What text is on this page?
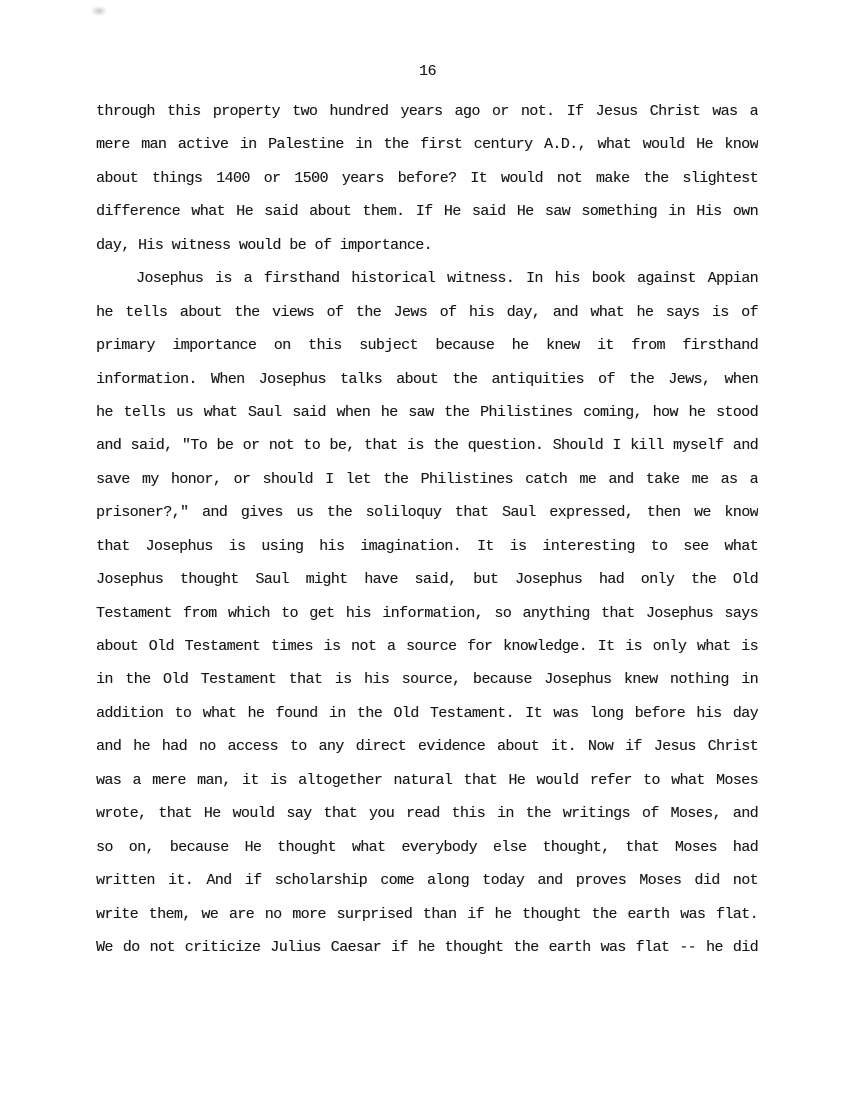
16
through this property two hundred years ago or not. If Jesus Christ was a
mere man active in Palestine in the first century A.D., what would He know
about things 1400 or 1500 years before? It would not make the slightest
difference what He said about them. If He said He saw something in His own
day, His witness would be of importance.
Josephus is a firsthand historical witness. In his book against Appian
he tells about the views of the Jews of his day, and what he says is of
primary importance on this subject because he knew it from firsthand
information. When Josephus talks about the antiquities of the Jews, when
he tells us what Saul said when he saw the Philistines coming, how he stood
and said, "To be or not to be, that is the question. Should I kill myself and
save my honor, or should I let the Philistines catch me and take me as a
prisoner?," and gives us the soliloquy that Saul expressed, then we know
that Josephus is using his imagination. It is interesting to see what
Josephus thought Saul might have said, but Josephus had only the Old
Testament from which to get his information, so anything that Josephus says
about Old Testament times is not a source for knowledge. It is only what is
in the Old Testament that is his source, because Josephus knew nothing in
addition to what he found in the Old Testament. It was long before his day
and he had no access to any direct evidence about it. Now if Jesus Christ
was a mere man, it is altogether natural that He would refer to what Moses
wrote, that He would say that you read this in the writings of Moses, and
so on, because He thought what everybody else thought, that Moses had
written it. And if scholarship come along today and proves Moses did not
write them, we are no more surprised than if he thought the earth was flat.
We do not criticize Julius Caesar if he thought the earth was flat -- he did
